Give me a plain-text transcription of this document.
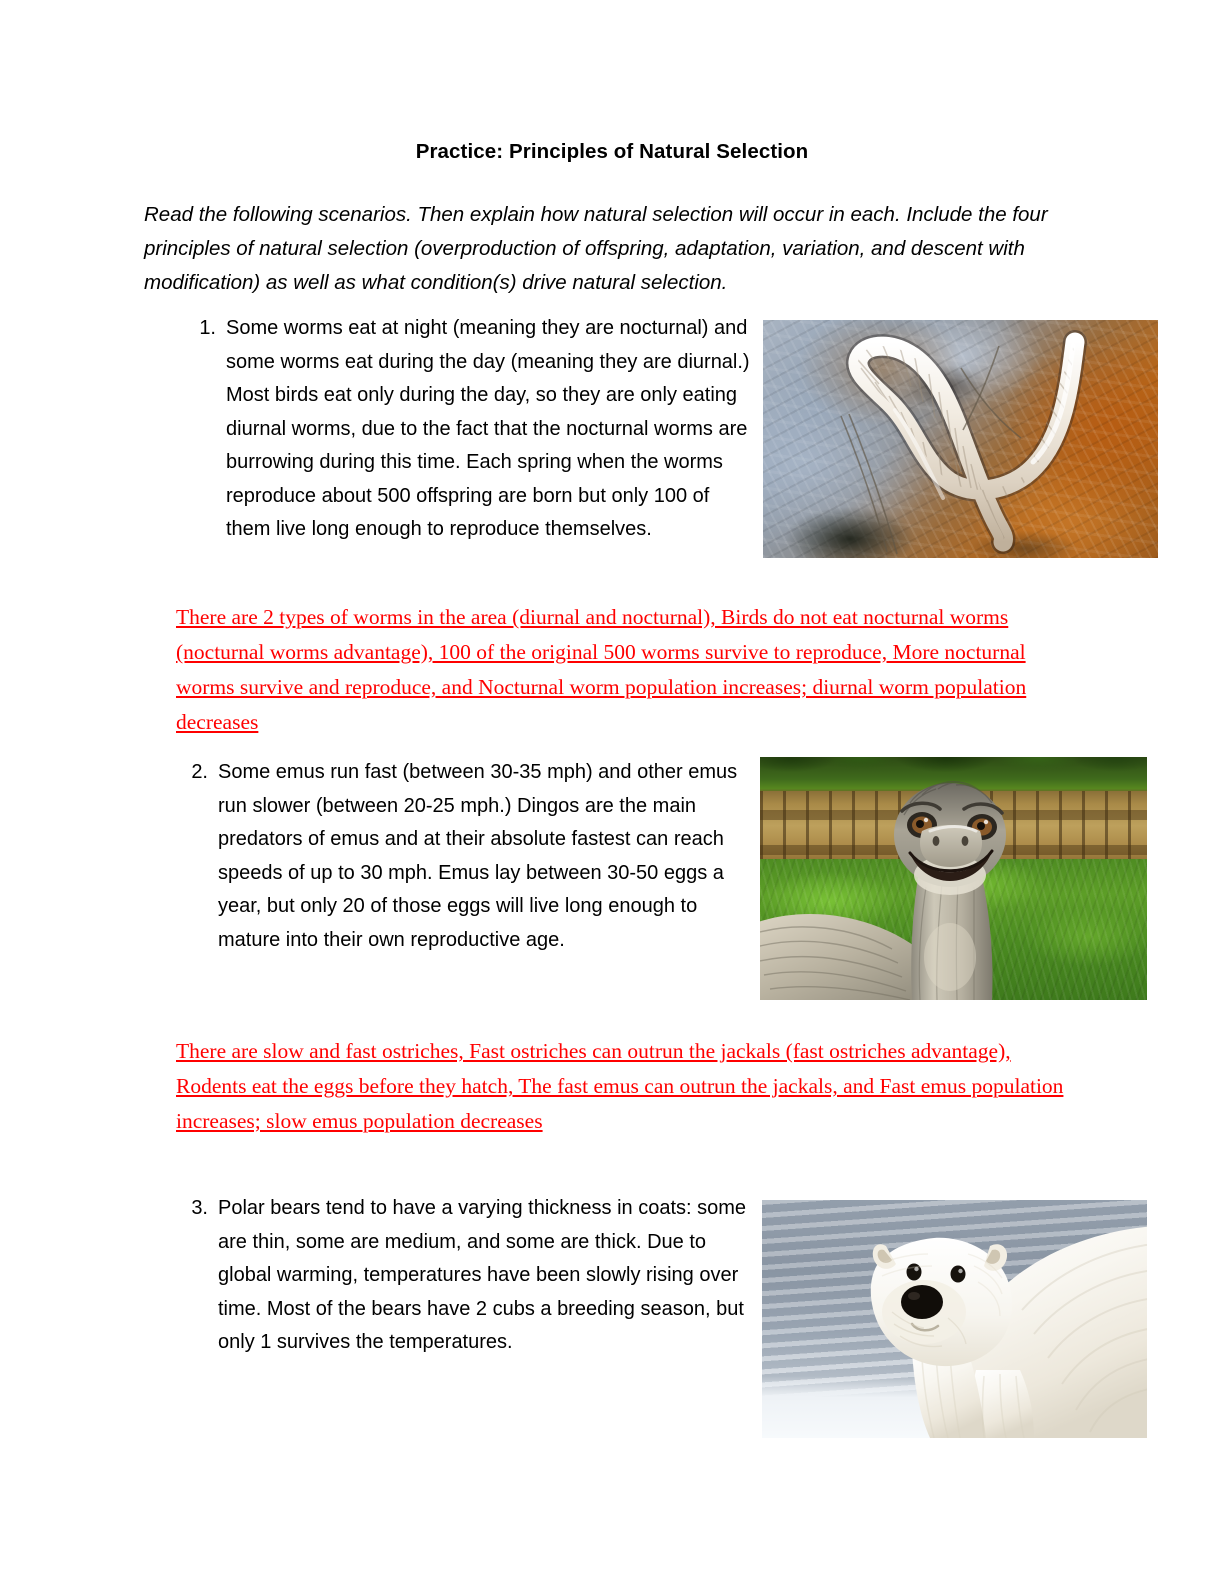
Practice: Principles of Natural Selection
Read the following scenarios. Then explain how natural selection will occur in each. Include the four principles of natural selection (overproduction of offspring, adaptation, variation, and descent with modification) as well as what condition(s) drive natural selection.
1. Some worms eat at night (meaning they are nocturnal) and some worms eat during the day (meaning they are diurnal.) Most birds eat only during the day, so they are only eating diurnal worms, due to the fact that the nocturnal worms are burrowing during this time. Each spring when the worms reproduce about 500 offspring are born but only 100 of them live long enough to reproduce themselves.
There are 2 types of worms in the area (diurnal and nocturnal), Birds do not eat nocturnal worms (nocturnal worms advantage), 100 of the original 500 worms survive to reproduce, More nocturnal worms survive and reproduce, and Nocturnal worm population increases; diurnal worm population decreases
2. Some emus run fast (between 30-35 mph) and other emus run slower (between 20-25 mph.) Dingos are the main predators of emus and at their absolute fastest can reach speeds of up to 30 mph. Emus lay between 30-50 eggs a year, but only 20 of those eggs will live long enough to mature into their own reproductive age.
There are slow and fast ostriches, Fast ostriches can outrun the jackals (fast ostriches advantage), Rodents eat the eggs before they hatch, The fast emus can outrun the jackals, and Fast emus population increases; slow emus population decreases
3. Polar bears tend to have a varying thickness in coats: some are thin, some are medium, and some are thick. Due to global warming, temperatures have been slowly rising over time. Most of the bears have 2 cubs a breeding season, but only 1 survives the temperatures.
